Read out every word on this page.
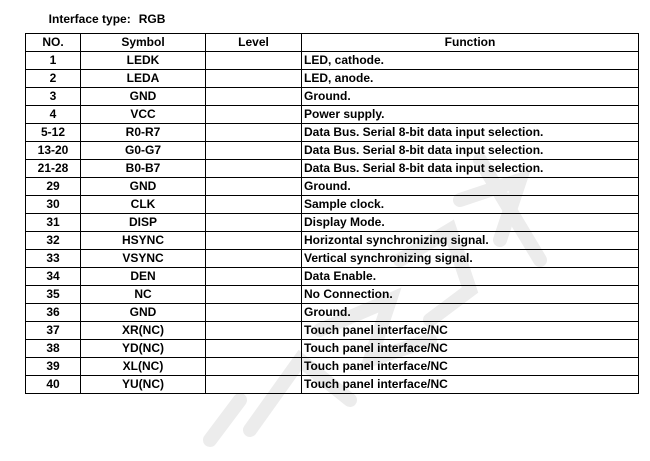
Interface type: RGB

NO.	Symbol	Level	Function
1	LEDK		LED, cathode.
2	LEDA		LED, anode.
3	GND		Ground.
4	VCC		Power supply.
5-12	R0-R7		Data Bus. Serial 8-bit data input selection.
13-20	G0-G7		Data Bus. Serial 8-bit data input selection.
21-28	B0-B7		Data Bus. Serial 8-bit data input selection.
29	GND		Ground.
30	CLK		Sample clock.
31	DISP		Display Mode.
32	HSYNC		Horizontal synchronizing signal.
33	VSYNC		Vertical synchronizing signal.
34	DEN		Data Enable.
35	NC		No Connection.
36	GND		Ground.
37	XR(NC)		Touch panel interface/NC
38	YD(NC)		Touch panel interface/NC
39	XL(NC)		Touch panel interface/NC
40	YU(NC)		Touch panel interface/NC
